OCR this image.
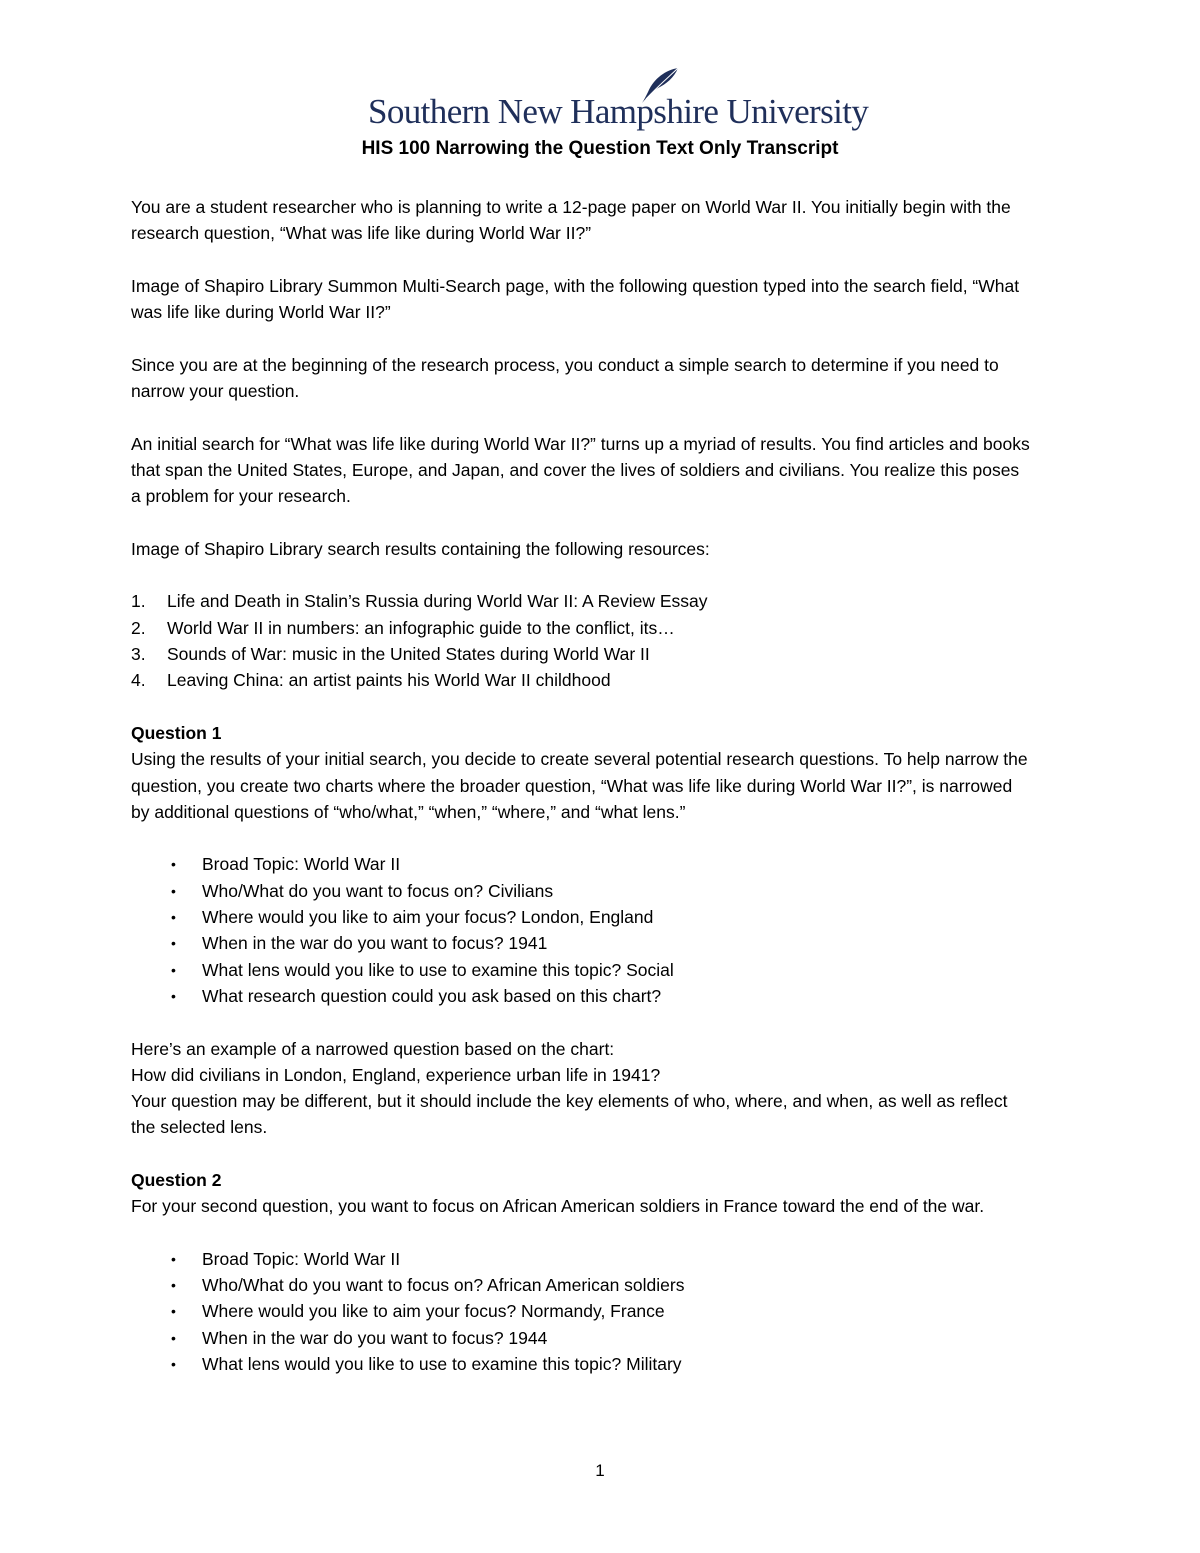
Southern New Hampshire University
HIS 100 Narrowing the Question Text Only Transcript

You are a student researcher who is planning to write a 12-page paper on World War II. You initially begin with the research question, “What was life like during World War II?”

Image of Shapiro Library Summon Multi-Search page, with the following question typed into the search field, “What was life like during World War II?”

Since you are at the beginning of the research process, you conduct a simple search to determine if you need to narrow your question.

An initial search for “What was life like during World War II?” turns up a myriad of results. You find articles and books that span the United States, Europe, and Japan, and cover the lives of soldiers and civilians. You realize this poses a problem for your research.

Image of Shapiro Library search results containing the following resources:

1. Life and Death in Stalin’s Russia during World War II: A Review Essay
2. World War II in numbers: an infographic guide to the conflict, its…
3. Sounds of War: music in the United States during World War II
4. Leaving China: an artist paints his World War II childhood

Question 1

Using the results of your initial search, you decide to create several potential research questions. To help narrow the question, you create two charts where the broader question, “What was life like during World War II?”, is narrowed by additional questions of “who/what,” “when,” “where,” and “what lens.”

• Broad Topic: World War II
• Who/What do you want to focus on? Civilians
• Where would you like to aim your focus? London, England
• When in the war do you want to focus? 1941
• What lens would you like to use to examine this topic? Social
• What research question could you ask based on this chart?

Here’s an example of a narrowed question based on the chart:
How did civilians in London, England, experience urban life in 1941?
Your question may be different, but it should include the key elements of who, where, and when, as well as reflect the selected lens.

Question 2

For your second question, you want to focus on African American soldiers in France toward the end of the war.

• Broad Topic: World War II
• Who/What do you want to focus on? African American soldiers
• Where would you like to aim your focus? Normandy, France
• When in the war do you want to focus? 1944
• What lens would you like to use to examine this topic? Military
1
